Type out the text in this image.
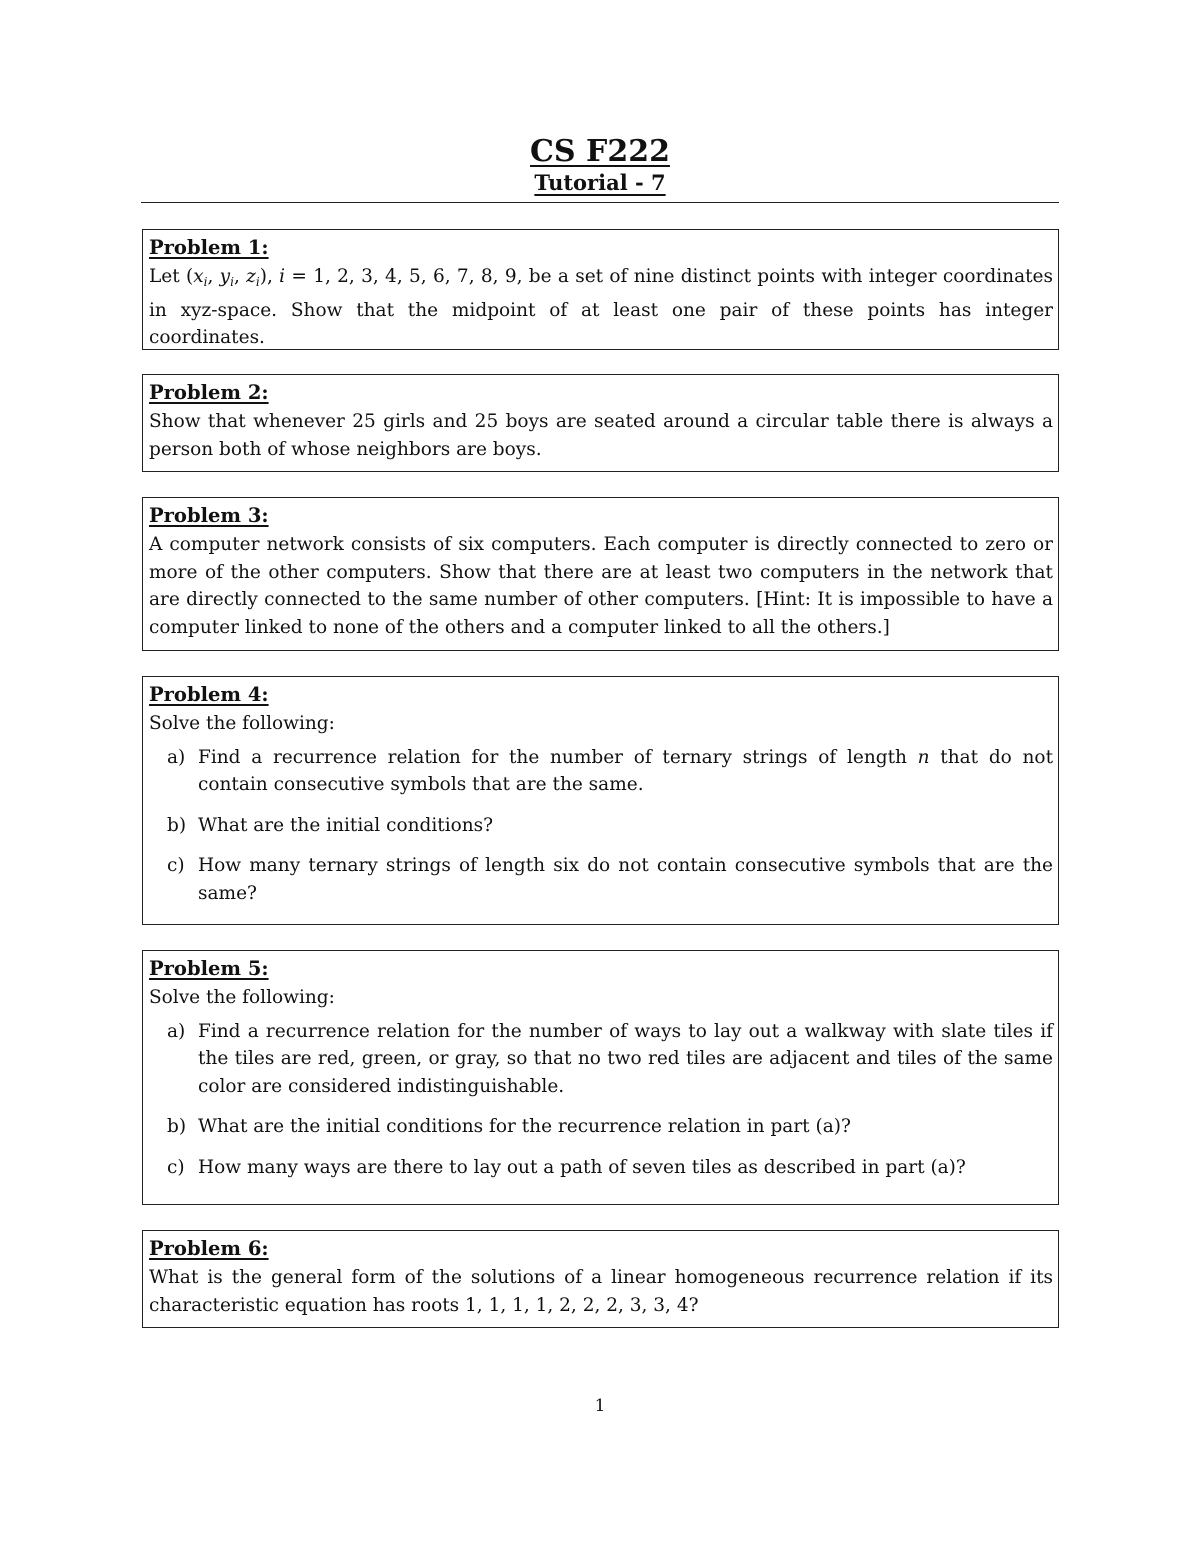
CS F222
Tutorial - 7
Problem 1:
Let ($x_i$, $y_i$, $z_i$), i = 1, 2, 3, 4, 5, 6, 7, 8, 9, be a set of nine distinct points with integer coordinates in xyz-space. Show that the midpoint of at least one pair of these points has integer coordinates.
Problem 2:
Show that whenever 25 girls and 25 boys are seated around a circular table there is always a person both of whose neighbors are boys.
Problem 3:
A computer network consists of six computers. Each computer is directly connected to zero or more of the other computers. Show that there are at least two computers in the network that are directly connected to the same number of other computers. [Hint: It is impossible to have a computer linked to none of the others and a computer linked to all the others.]
Problem 4:
Solve the following:
a) Find a recurrence relation for the number of ternary strings of length n that do not contain consecutive symbols that are the same.
b) What are the initial conditions?
c) How many ternary strings of length six do not contain consecutive symbols that are the same?
Problem 5:
Solve the following:
a) Find a recurrence relation for the number of ways to lay out a walkway with slate tiles if the tiles are red, green, or gray, so that no two red tiles are adjacent and tiles of the same color are considered indistinguishable.
b) What are the initial conditions for the recurrence relation in part (a)?
c) How many ways are there to lay out a path of seven tiles as described in part (a)?
Problem 6:
What is the general form of the solutions of a linear homogeneous recurrence relation if its characteristic equation has roots 1, 1, 1, 1, 2, 2, 2, 3, 3, 4?
1
